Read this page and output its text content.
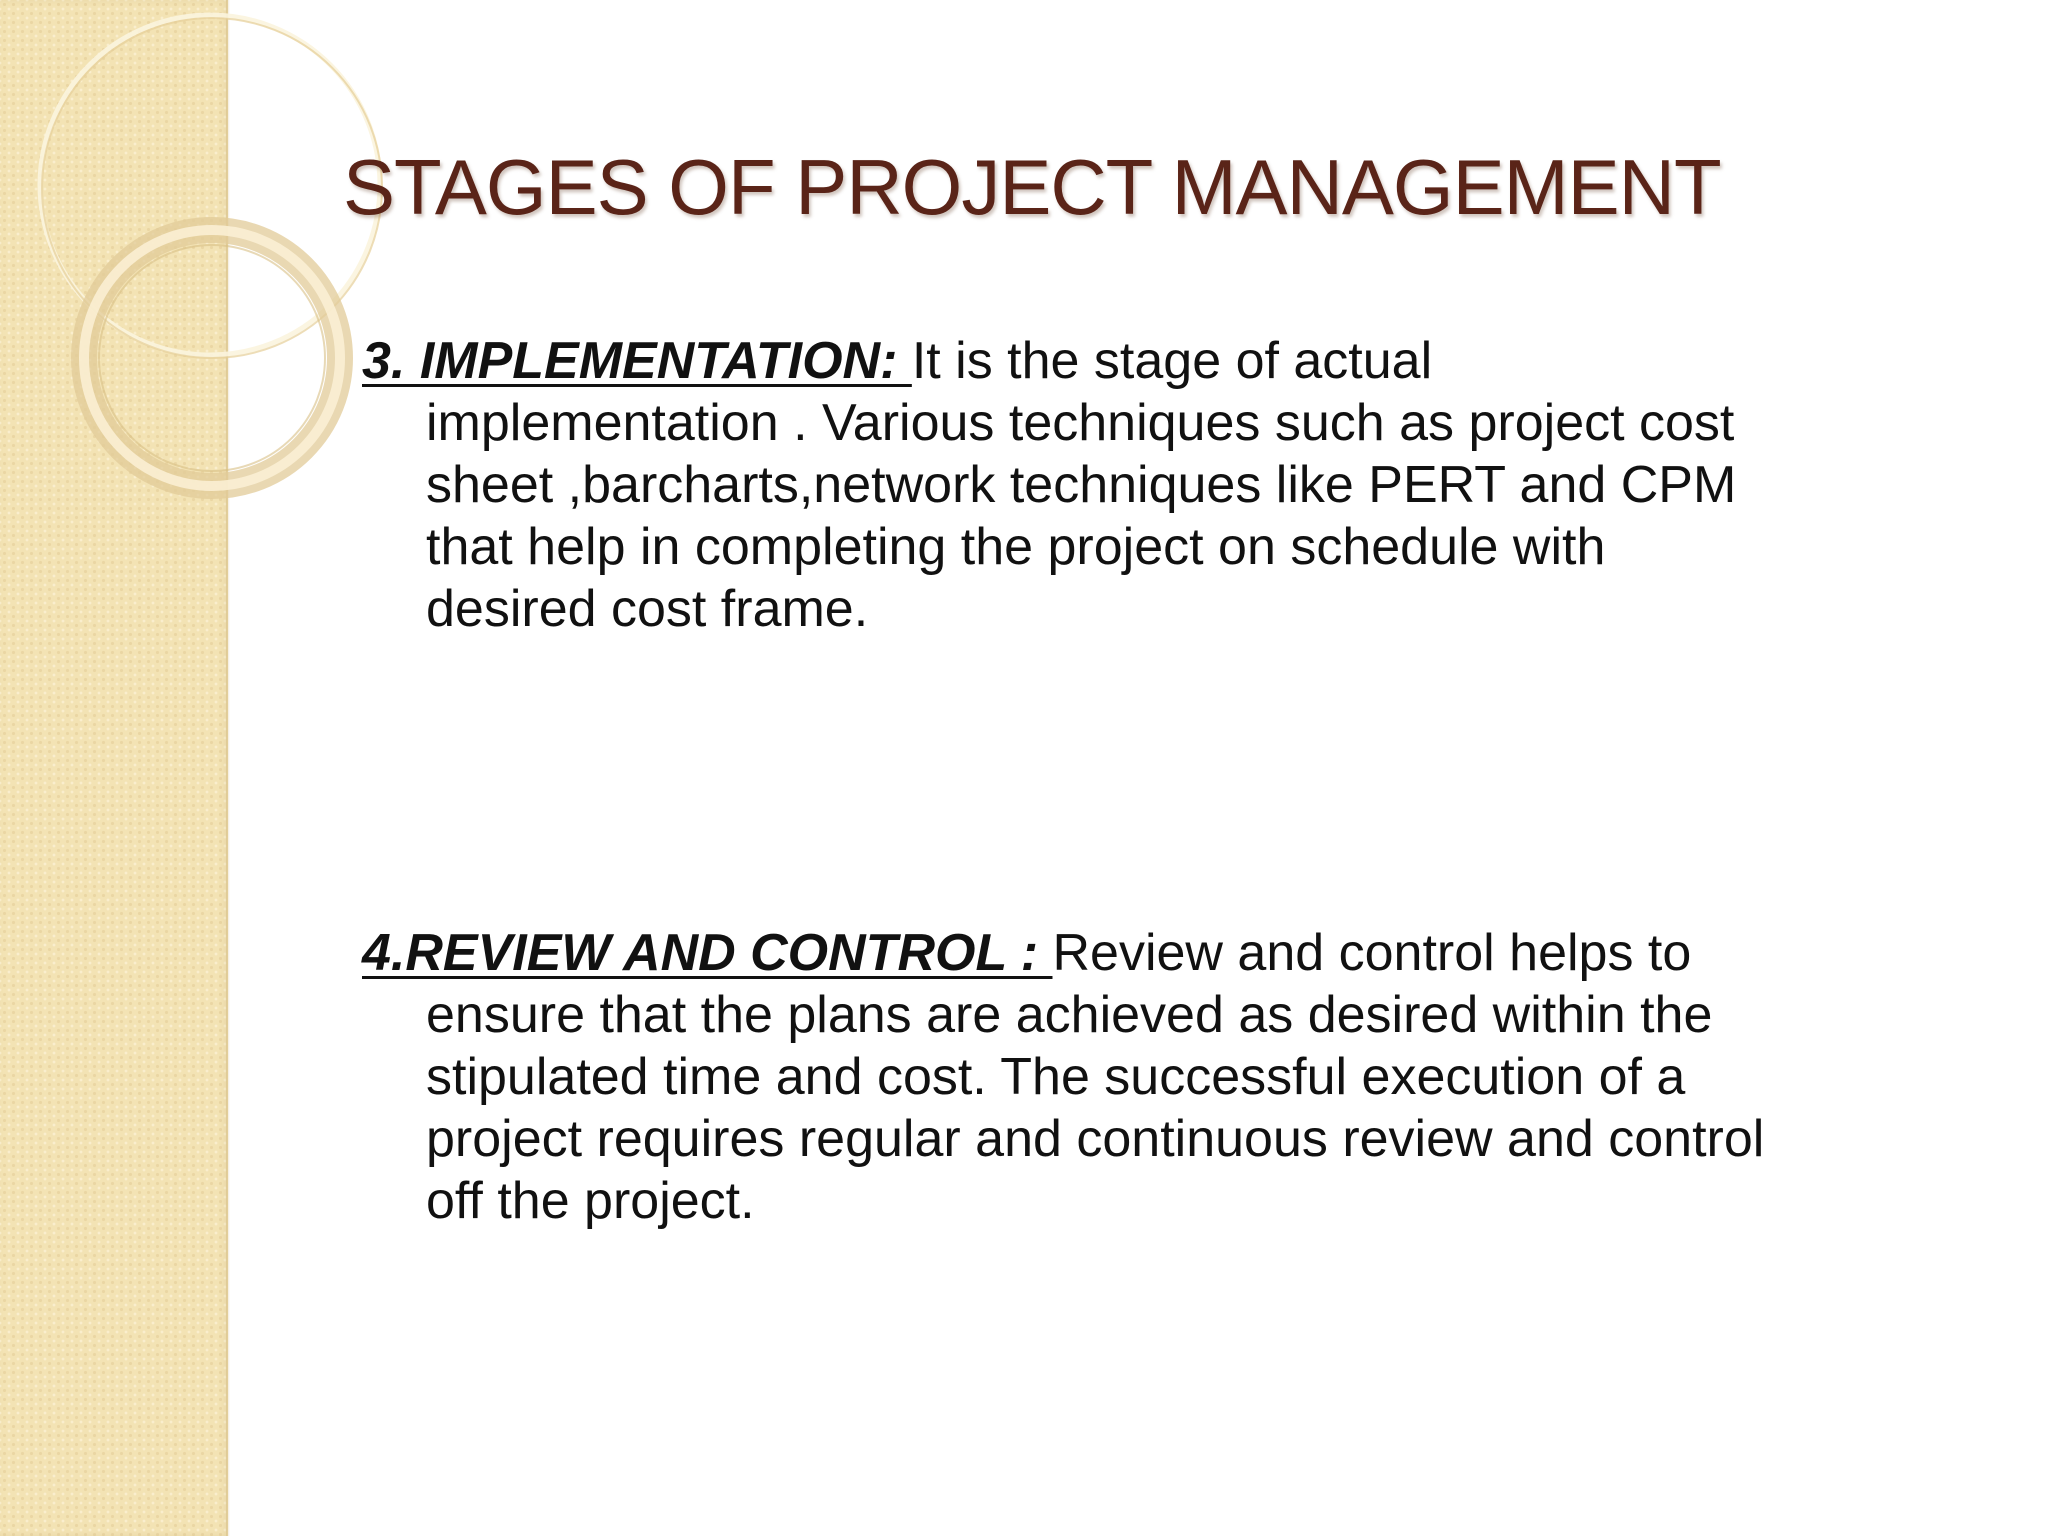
STAGES OF PROJECT MANAGEMENT
3. IMPLEMENTATION: It is the stage of actual
implementation . Various techniques such as project cost
sheet ,barcharts,network techniques like PERT and CPM
that help in completing the project on schedule with
desired cost frame.
4.REVIEW AND CONTROL : Review and control helps to
ensure that the plans are achieved as desired within the
stipulated time and cost. The successful execution of a
project requires regular and continuous review and control
off the project.
